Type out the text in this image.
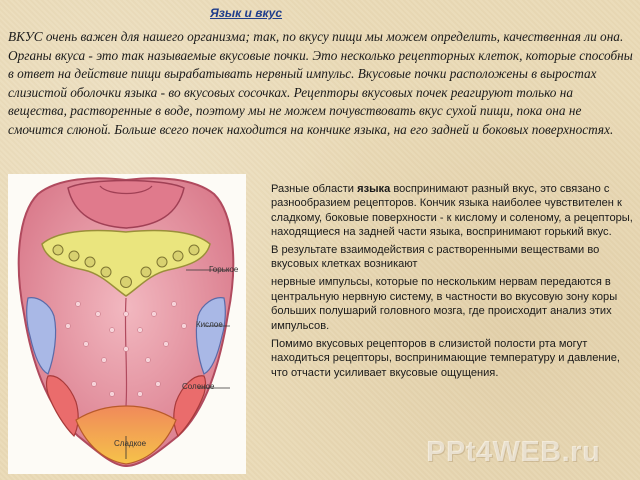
Язык и вкус
ВКУС очень важен для нашего организма; так, по вкусу пищи мы можем определить, качественная ли она. Органы вкуса - это так называемые вкусовые почки. Это несколько рецепторных клеток, которые способны в ответ на действие пищи вырабатывать нервный импульс. Вкусовые почки расположены в выростах слизистой оболочки языка - во вкусовых сосочках. Рецепторы вкусовых почек реагируют только на вещества, растворенные в воде, поэтому мы не можем почувствовать вкус сухой пищи, пока она не смочится слюной. Больше всего почек находится на кончике языка, на его задней и боковых поверхностях.
Горькое
Кислое
Соленое
Сладкое

Разные области языка воспринимают разный вкус, это связано с разнообразием рецепторов. Кончик языка наиболее чувствителен к сладкому, боковые поверхности - к кислому и соленому, а рецепторы, находящиеся на задней части языка, воспринимают горький вкус.

В результате взаимодействия с растворенными веществами во вкусовых клетках возникают

нервные импульсы, которые по нескольким нервам передаются в центральную нервную систему, в частности во вкусовую зону коры больших полушарий головного мозга, где происходит анализ этих импульсов.

Помимо вкусовых рецепторов в слизистой полости рта могут находиться рецепторы, воспринимающие температуру и давление, что отчасти усиливает вкусовые ощущения.

PPt4WEB.ru
